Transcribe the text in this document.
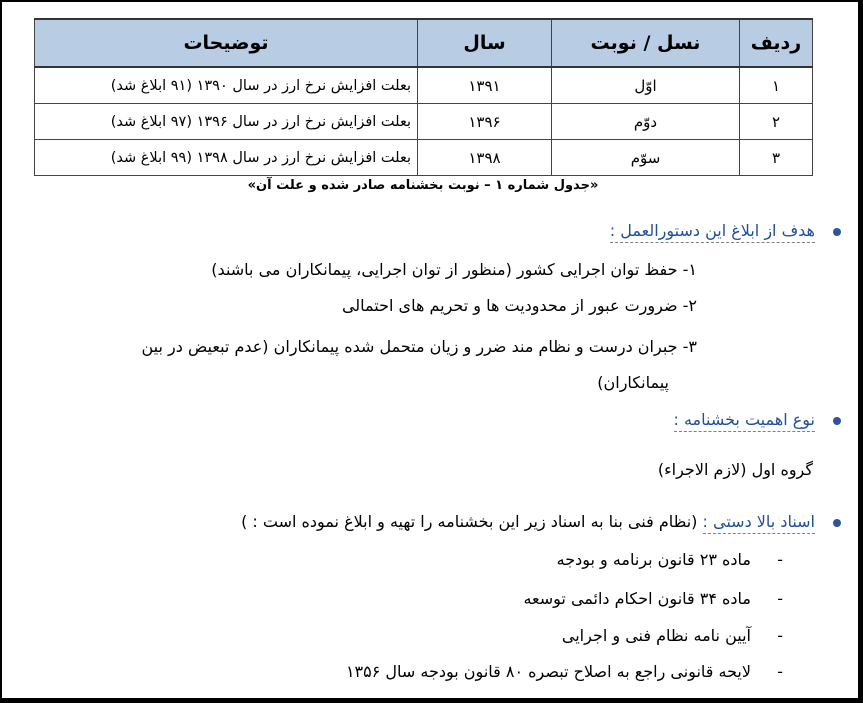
ردیف	نسل / نوبت	سال	توضیحات
۱	اوّل	۱۳۹۱	بعلت افزایش نرخ ارز در سال ۱۳۹۰ (۹۱ ابلاغ شد)
۲	دوّم	۱۳۹۶	بعلت افزایش نرخ ارز در سال ۱۳۹۶ (۹۷ ابلاغ شد)
۳	سوّم	۱۳۹۸	بعلت افزایش نرخ ارز در سال ۱۳۹۸ (۹۹ ابلاغ شد)
«جدول شماره ۱ – نوبت بخشنامه صادر شده و علت آن»
هدف از ابلاغ این دستورالعمل :
۱- حفظ توان اجرایی کشور (منظور از توان اجرایی، پیمانکاران می باشند)
۲- ضرورت عبور از محدودیت ها و تحریم های احتمالی
۳- جبران درست و نظام مند ضرر و زیان متحمل شده پیمانکاران (عدم تبعیض در بین
پیمانکاران)
نوع اهمیت بخشنامه :
گروه اول (لازم الاجراء)
اسناد بالا دستی : (نظام فنی بنا به اسناد زیر این بخشنامه را تهیه و ابلاغ نموده است : )
-
ماده ۲۳ قانون برنامه و بودجه
-
ماده ۳۴ قانون احکام دائمی توسعه
-
آیین نامه نظام فنی و اجرایی
-
لایحه قانونی راجع به اصلاح تبصره ۸۰ قانون بودجه سال ۱۳۵۶
